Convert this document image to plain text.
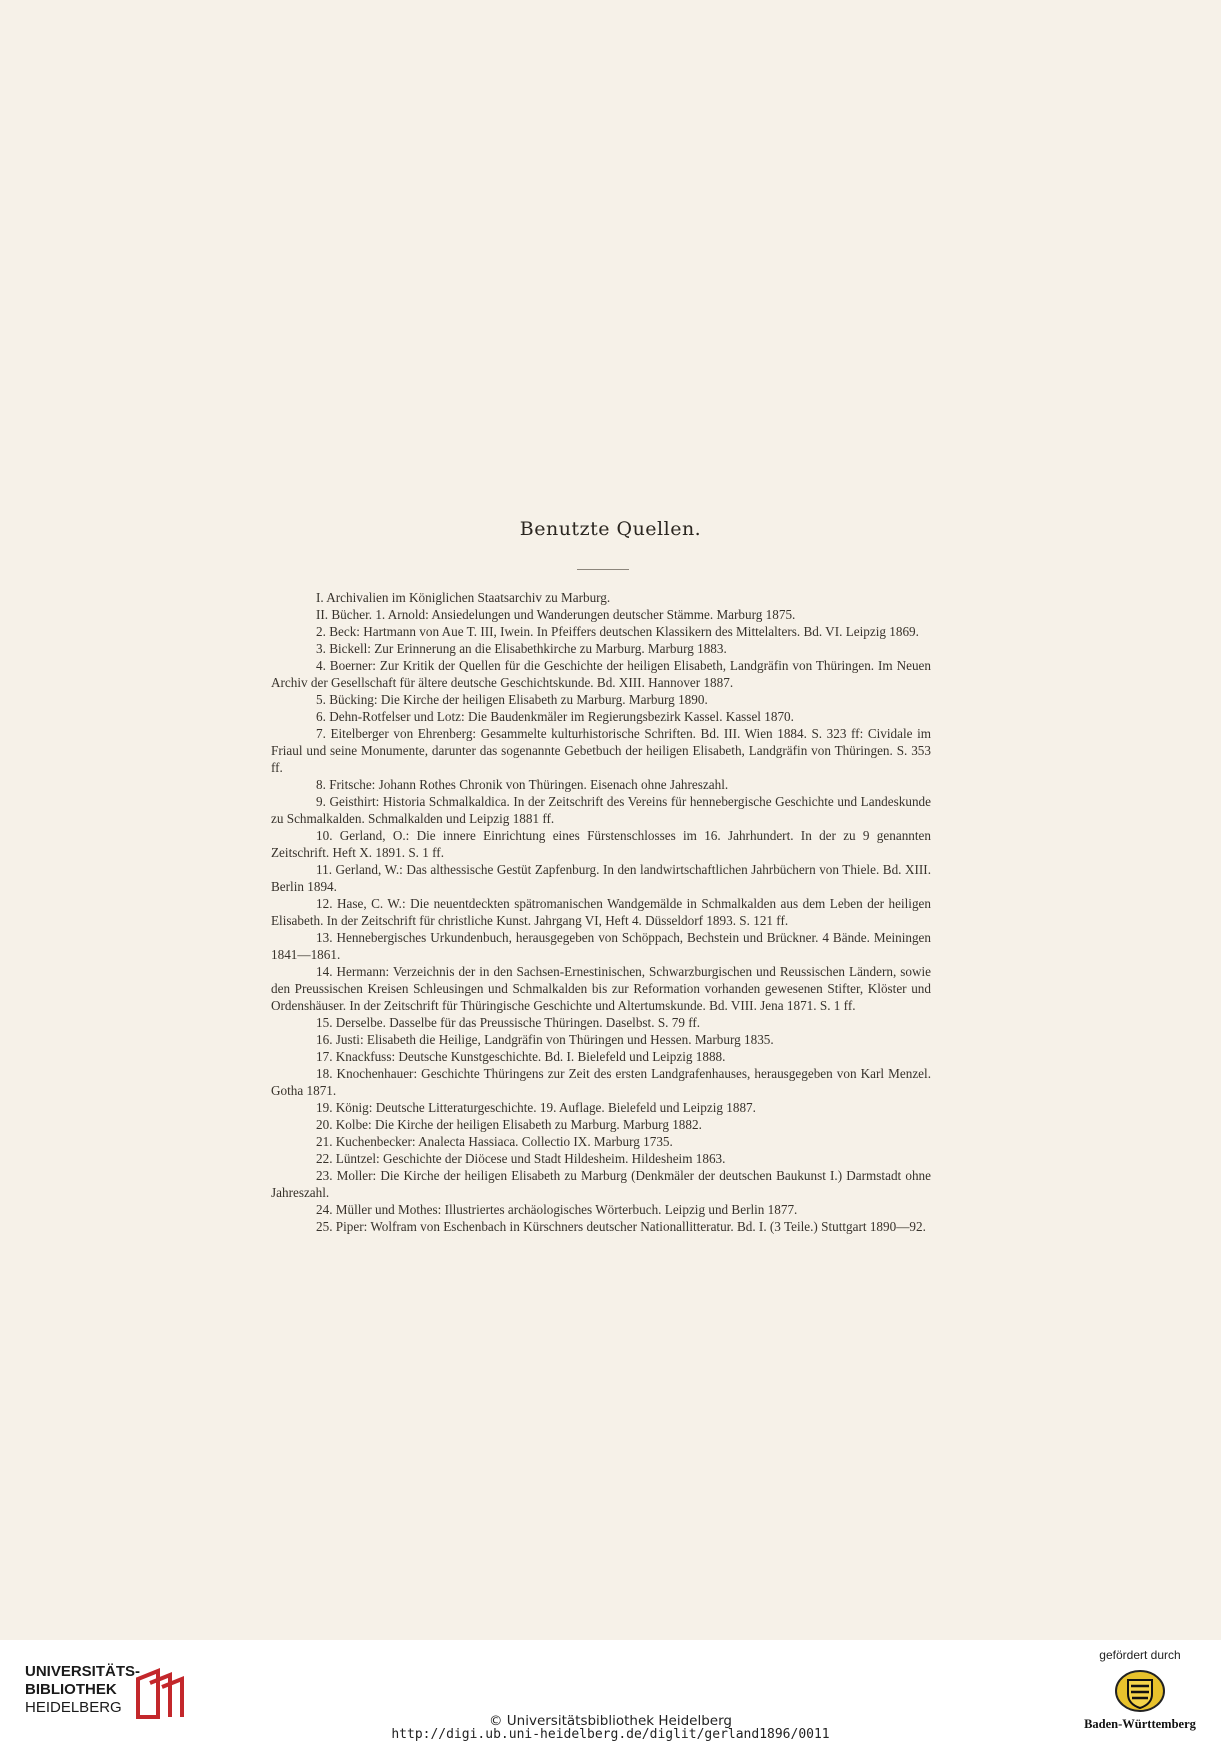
Benutzte Quellen.

I. Archivalien im Königlichen Staatsarchiv zu Marburg.

II. Bücher. 1. Arnold: Ansiedelungen und Wanderungen deutscher Stämme. Marburg 1875.

2. Beck: Hartmann von Aue T. III, Iwein. In Pfeiffers deutschen Klassikern des Mittelalters. Bd. VI. Leipzig 1869.

3. Bickell: Zur Erinnerung an die Elisabethkirche zu Marburg. Marburg 1883.

4. Boerner: Zur Kritik der Quellen für die Geschichte der heiligen Elisabeth, Landgräfin von Thüringen. Im Neuen Archiv der Gesellschaft für ältere deutsche Geschichtskunde. Bd. XIII. Hannover 1887.

5. Bücking: Die Kirche der heiligen Elisabeth zu Marburg. Marburg 1890.

6. Dehn-Rotfelser und Lotz: Die Baudenkmäler im Regierungsbezirk Kassel. Kassel 1870.

7. Eitelberger von Ehrenberg: Gesammelte kulturhistorische Schriften. Bd. III. Wien 1884. S. 323 ff: Cividale im Friaul und seine Monumente, darunter das sogenannte Gebetbuch der heiligen Elisabeth, Landgräfin von Thüringen. S. 353 ff.

8. Fritsche: Johann Rothes Chronik von Thüringen. Eisenach ohne Jahreszahl.

9. Geisthirt: Historia Schmalkaldica. In der Zeitschrift des Vereins für hennebergische Geschichte und Landeskunde zu Schmalkalden. Schmalkalden und Leipzig 1881 ff.

10. Gerland, O.: Die innere Einrichtung eines Fürstenschlosses im 16. Jahrhundert. In der zu 9 genannten Zeitschrift. Heft X. 1891. S. 1 ff.

11. Gerland, W.: Das althessische Gestüt Zapfenburg. In den landwirtschaftlichen Jahrbüchern von Thiele. Bd. XIII. Berlin 1894.

12. Hase, C. W.: Die neuentdeckten spätromanischen Wandgemälde in Schmalkalden aus dem Leben der heiligen Elisabeth. In der Zeitschrift für christliche Kunst. Jahrgang VI, Heft 4. Düsseldorf 1893. S. 121 ff.

13. Hennebergisches Urkundenbuch, herausgegeben von Schöppach, Bechstein und Brückner. 4 Bände. Meiningen 1841—1861.

14. Hermann: Verzeichnis der in den Sachsen-Ernestinischen, Schwarzburgischen und Reussischen Ländern, sowie den Preussischen Kreisen Schleusingen und Schmalkalden bis zur Reformation vorhanden gewesenen Stifter, Klöster und Ordenshäuser. In der Zeitschrift für Thüringische Geschichte und Altertumskunde. Bd. VIII. Jena 1871. S. 1 ff.

15. Derselbe. Dasselbe für das Preussische Thüringen. Daselbst. S. 79 ff.

16. Justi: Elisabeth die Heilige, Landgräfin von Thüringen und Hessen. Marburg 1835.

17. Knackfuss: Deutsche Kunstgeschichte. Bd. I. Bielefeld und Leipzig 1888.

18. Knochenhauer: Geschichte Thüringens zur Zeit des ersten Landgrafenhauses, herausgegeben von Karl Menzel. Gotha 1871.

19. König: Deutsche Litteraturgeschichte. 19. Auflage. Bielefeld und Leipzig 1887.

20. Kolbe: Die Kirche der heiligen Elisabeth zu Marburg. Marburg 1882.

21. Kuchenbecker: Analecta Hassiaca. Collectio IX. Marburg 1735.

22. Lüntzel: Geschichte der Diöcese und Stadt Hildesheim. Hildesheim 1863.

23. Moller: Die Kirche der heiligen Elisabeth zu Marburg (Denkmäler der deutschen Baukunst I.) Darmstadt ohne Jahreszahl.

24. Müller und Mothes: Illustriertes archäologisches Wörterbuch. Leipzig und Berlin 1877.

25. Piper: Wolfram von Eschenbach in Kürschners deutscher Nationallitteratur. Bd. I. (3 Teile.) Stuttgart 1890—92.

UNIVERSITÄTS-
BIBLIOTHEK
HEIDELBERG
© Universitätsbibliothek Heidelberg
http://digi.ub.uni-heidelberg.de/diglit/gerland1896/0011
gefördert durch
Baden-Württemberg
